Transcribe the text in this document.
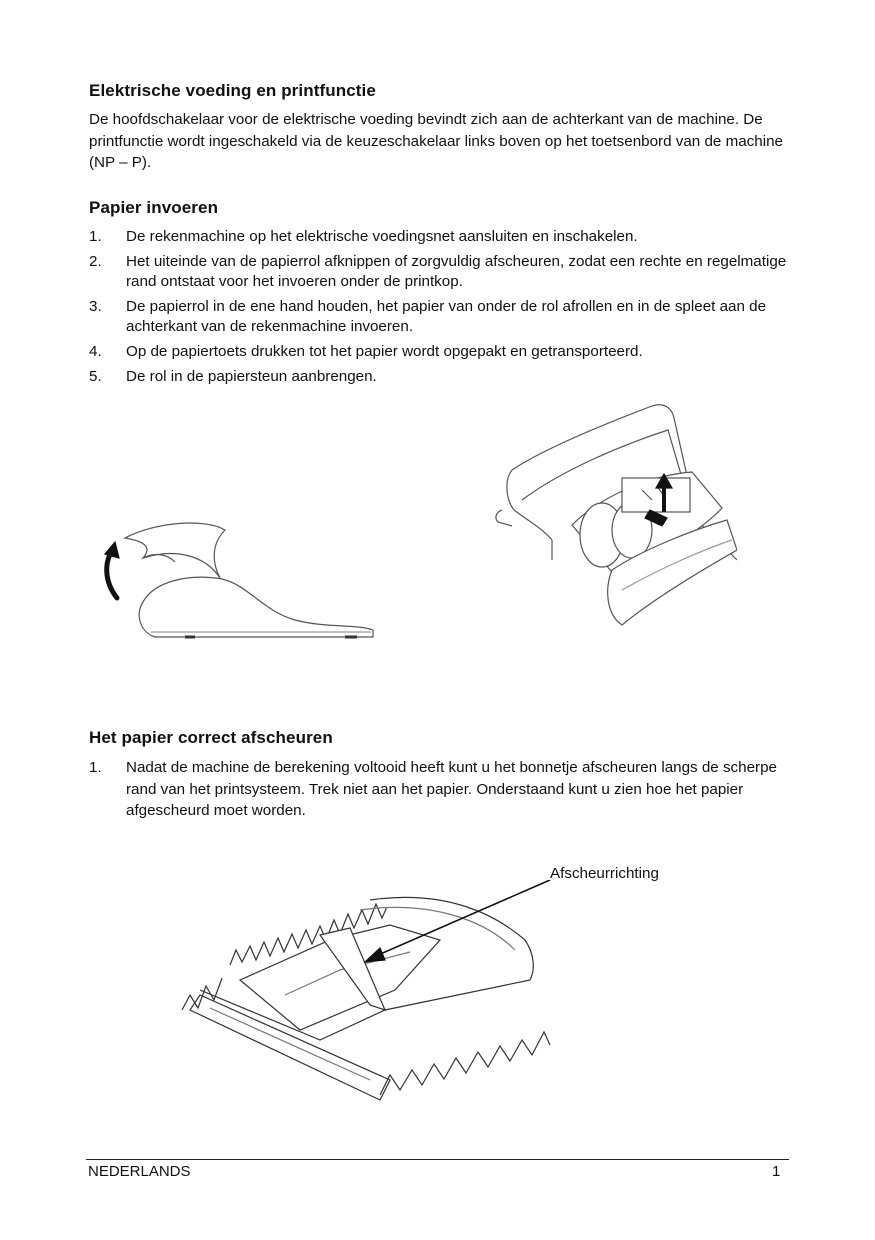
Elektrische voeding en printfunctie

De hoofdschakelaar voor de elektrische voeding bevindt zich aan de achterkant van de machine. De printfunctie wordt ingeschakeld via de keuzeschakelaar links boven op het toetsenbord van de machine (NP – P).

Papier invoeren
1. De rekenmachine op het elektrische voedingsnet aansluiten en inschakelen.
2. Het uiteinde van de papierrol afknippen of zorgvuldig afscheuren, zodat een rechte en regelmatige rand ontstaat voor het invoeren onder de printkop.
3. De papierrol in de ene hand houden, het papier van onder de rol afrollen en in de spleet aan de achterkant van de rekenmachine invoeren.
4. Op de papiertoets drukken tot het papier wordt opgepakt en getransporteerd.
5. De rol in de papiersteun aanbrengen.
Het papier correct afscheuren
1. Nadat de machine de berekening voltooid heeft kunt u het bonnetje afscheuren langs de scherpe rand van het printsysteem. Trek niet aan het papier. Onderstaand kunt u zien hoe het papier afgescheurd moet worden.
Afscheurrichting
NEDERLANDS	1
